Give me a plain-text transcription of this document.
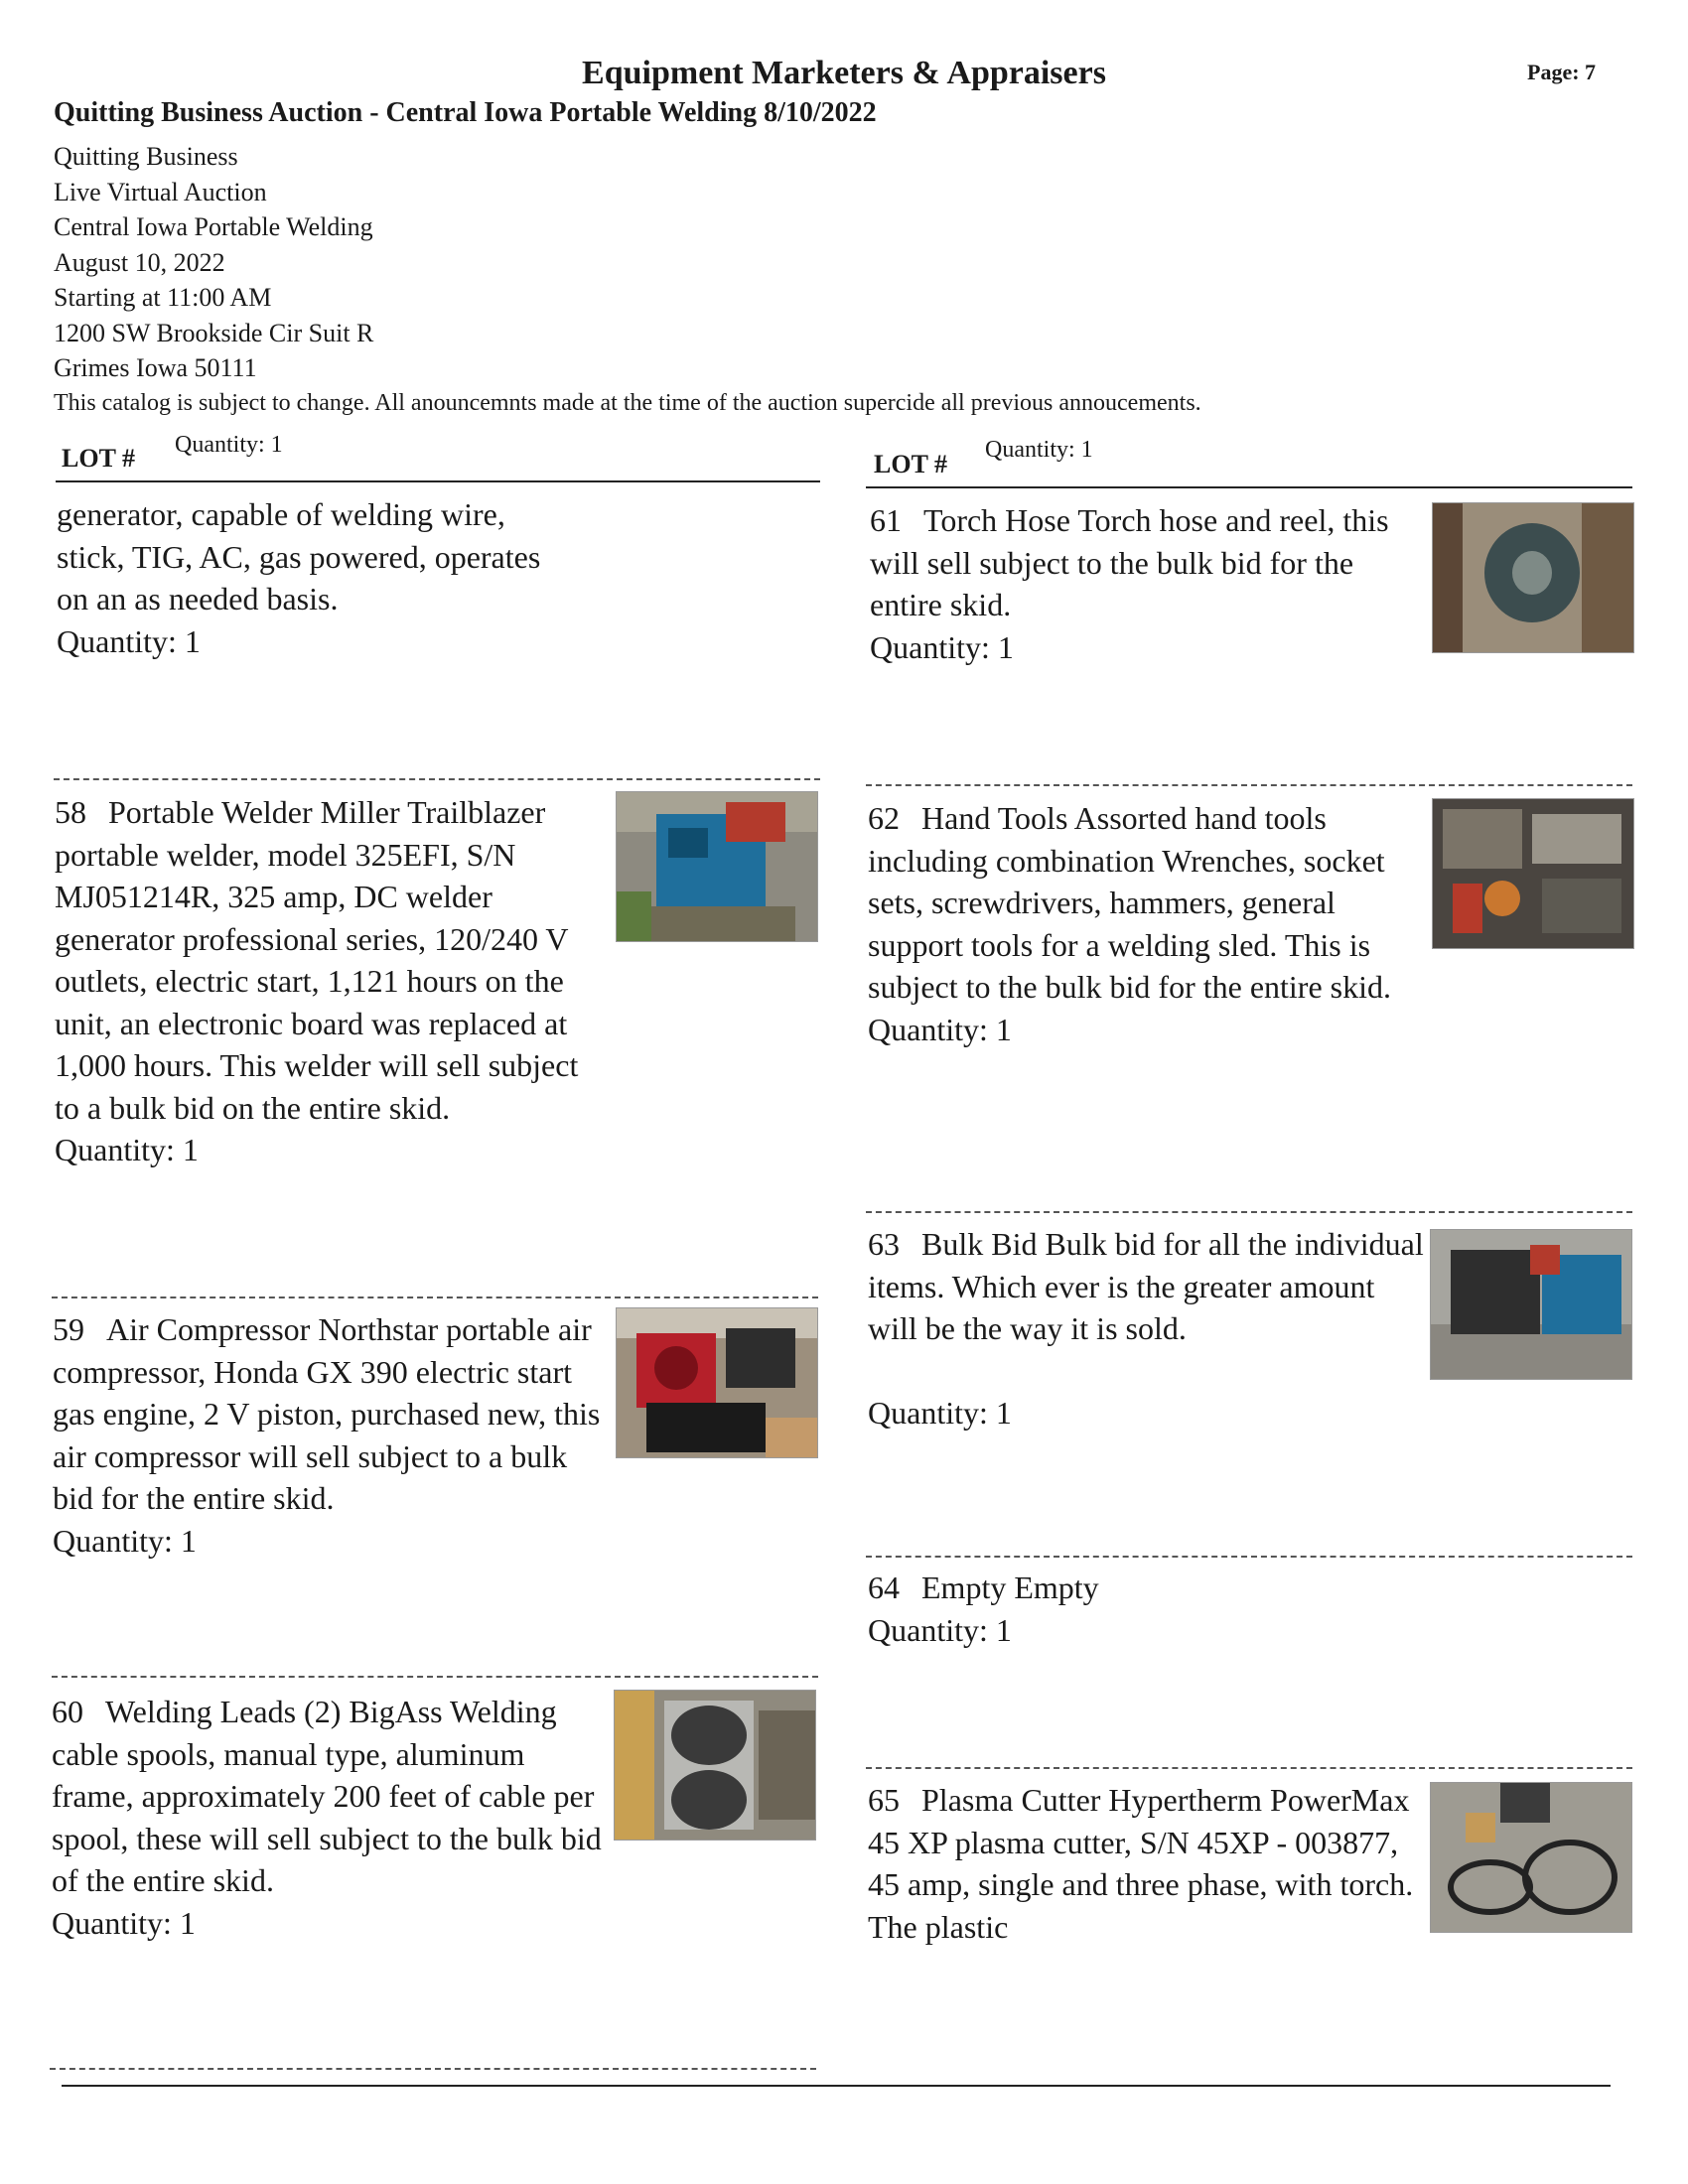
Equipment Marketers & Appraisers	Page: 7
Quitting Business Auction - Central Iowa Portable Welding 8/10/2022
Quitting Business
Live Virtual Auction
Central Iowa Portable Welding
August 10, 2022
Starting at 11:00 AM
1200 SW Brookside Cir Suit R
Grimes Iowa 50111
This catalog is subject to change. All anouncemnts made at the time of the auction supercide all previous annoucements.
LOT # Quantity: 1
LOT # Quantity: 1
generator, capable of welding wire, stick, TIG, AC, gas powered, operates on an as needed basis.
Quantity: 1
58 Portable Welder Miller Trailblazer portable welder, model 325EFI, S/N MJ051214R, 325 amp, DC welder generator professional series, 120/240 V outlets, electric start, 1,121 hours on the unit, an electronic board was replaced at 1,000 hours. This welder will sell subject to a bulk bid on the entire skid.
Quantity: 1
59 Air Compressor Northstar portable air compressor, Honda GX 390 electric start gas engine, 2 V piston, purchased new, this air compressor will sell subject to a bulk bid for the entire skid.
Quantity: 1
60 Welding Leads (2) BigAss Welding cable spools, manual type, aluminum frame, approximately 200 feet of cable per spool, these will sell subject to the bulk bid of the entire skid.
Quantity: 1
61 Torch Hose Torch hose and reel, this will sell subject to the bulk bid for the entire skid.
Quantity: 1
62 Hand Tools Assorted hand tools including combination Wrenches, socket sets, screwdrivers, hammers, general support tools for a welding sled. This is subject to the bulk bid for the entire skid.
Quantity: 1
63 Bulk Bid Bulk bid for all the individual items. Which ever is the greater amount will be the way it is sold.

Quantity: 1
64 Empty Empty
Quantity: 1
65 Plasma Cutter Hypertherm PowerMax 45 XP plasma cutter, S/N 45XP - 003877, 45 amp, single and three phase, with torch. The plastic
